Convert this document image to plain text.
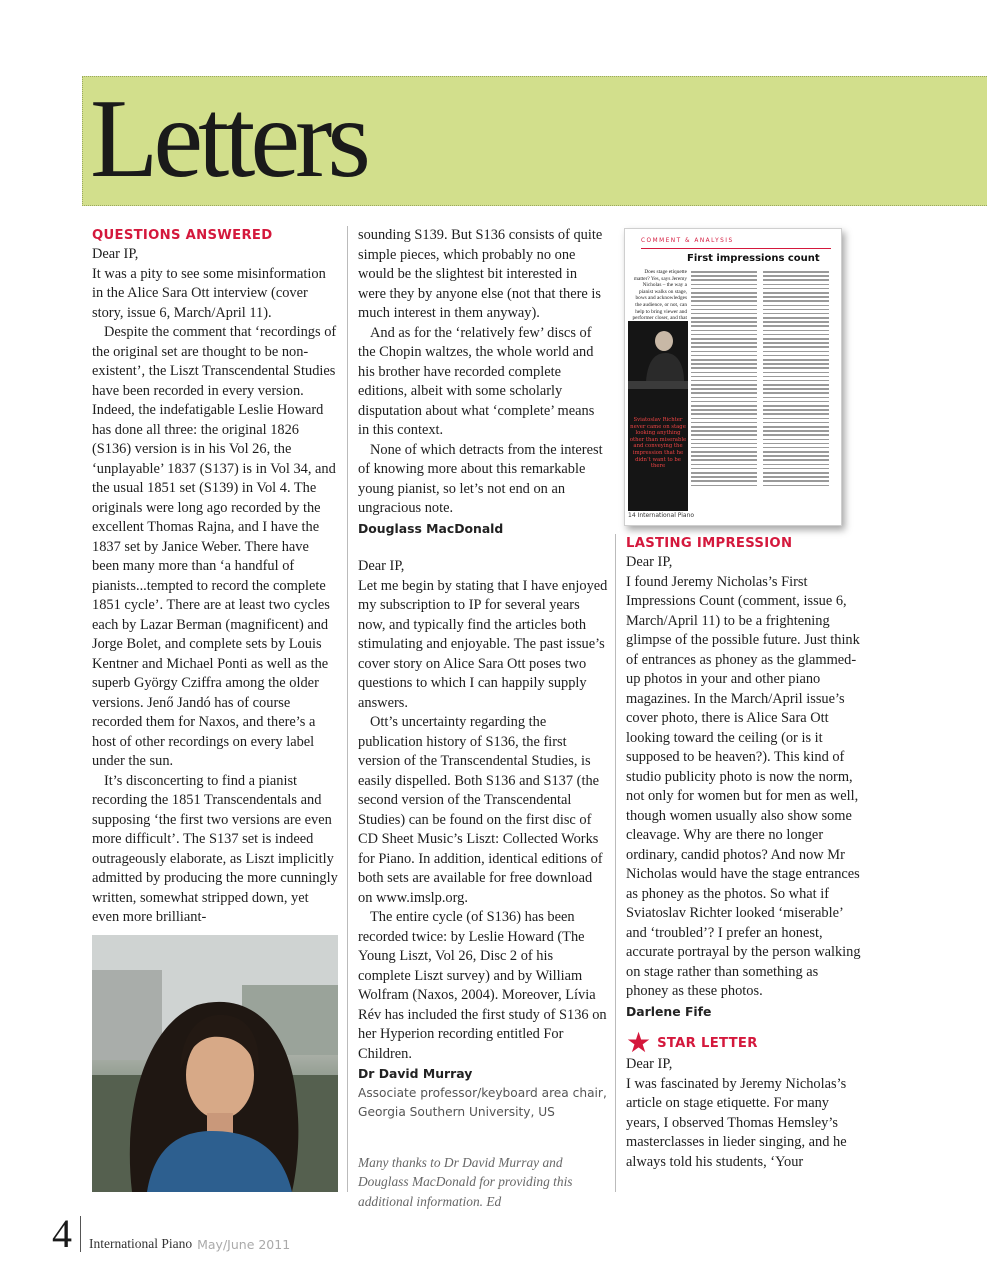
Letters
QUESTIONS ANSWERED

Dear IP,

It was a pity to see some misinformation in the Alice Sara Ott interview (cover story, issue 6, March/April 11).

Despite the comment that ‘recordings of the original set are thought to be non-existent’, the Liszt Transcendental Studies have been recorded in every version. Indeed, the indefatigable Leslie Howard has done all three: the original 1826 (S136) version is in his Vol 26, the ‘unplayable’ 1837 (S137) is in Vol 34, and the usual 1851 set (S139) in Vol 4. The originals were long ago recorded by the excellent Thomas Rajna, and I have the 1837 set by Janice Weber. There have been many more than ‘a handful of pianists...tempted to record the complete 1851 cycle’. There are at least two cycles each by Lazar Berman (magnificent) and Jorge Bolet, and complete sets by Louis Kentner and Michael Ponti as well as the superb György Cziffra among the older versions. Jenő Jandó has of course recorded them for Naxos, and there’s a host of other recordings on every label under the sun.

It’s disconcerting to find a pianist recording the 1851 Transcendentals and supposing ‘the first two versions are even more difficult’. The S137 set is indeed outrageously elaborate, as Liszt implicitly admitted by producing the more cunningly written, somewhat stripped down, yet even more brilliant-

sounding S139. But S136 consists of quite simple pieces, which probably no one would be the slightest bit interested in were they by anyone else (not that there is much interest in them anyway).

And as for the ‘relatively few’ discs of the Chopin waltzes, the whole world and his brother have recorded complete editions, albeit with some scholarly disputation about what ‘complete’ means in this context.

None of which detracts from the interest of knowing more about this remarkable young pianist, so let’s not end on an ungracious note.

Douglass MacDonald

Dear IP,

Let me begin by stating that I have enjoyed my subscription to IP for several years now, and typically find the articles both stimulating and enjoyable. The past issue’s cover story on Alice Sara Ott poses two questions to which I can happily supply answers.

Ott’s uncertainty regarding the publication history of S136, the first version of the Transcendental Studies, is easily dispelled. Both S136 and S137 (the second version of the Transcendental Studies) can be found on the first disc of CD Sheet Music’s Liszt: Collected Works for Piano. In addition, identical editions of both sets are available for free download on www.imslp.org.

The entire cycle (of S136) has been recorded twice: by Leslie Howard (The Young Liszt, Vol 26, Disc 2 of his complete Liszt survey) and by William Wolfram (Naxos, 2004). Moreover, Lívia Rév has included the first study of S136 on her Hyperion recording entitled For Children.

Dr David Murray

Associate professor/keyboard area chair, Georgia Southern University, US

Many thanks to Dr David Murray and Douglass MacDonald for providing this additional information. Ed

COMMENT & ANALYSIS
First impressions count
Does stage etiquette matter? Yes, says Jeremy Nicholas – the way a pianist walks on stage, bows and acknowledges the audience, or not, can help to bring viewer and performer closer, and that
Sviatoslav Richter never came on stage looking anything other than miserable and conveying the impression that he didn’t want to be there
14 International Piano
LASTING IMPRESSION

Dear IP,

I found Jeremy Nicholas’s First Impressions Count (comment, issue 6, March/April 11) to be a frightening glimpse of the possible future. Just think of entrances as phoney as the glammed-up photos in your and other piano magazines. In the March/April issue’s cover photo, there is Alice Sara Ott looking toward the ceiling (or is it supposed to be heaven?). This kind of studio publicity photo is now the norm, not only for women but for men as well, though women usually also show some cleavage. Why are there no longer ordinary, candid photos? And now Mr Nicholas would have the stage entrances as phoney as the photos. So what if Sviatoslav Richter looked ‘miserable’ and ‘troubled’? I prefer an honest, accurate portrayal by the person walking on stage rather than something as phoney as these photos.

Darlene Fife

★ STAR LETTER

Dear IP,

I was fascinated by Jeremy Nicholas’s article on stage etiquette. For many years, I observed Thomas Hemsley’s masterclasses in lieder singing, and he always told his students, ‘Your

4 International Piano May/June 2011
